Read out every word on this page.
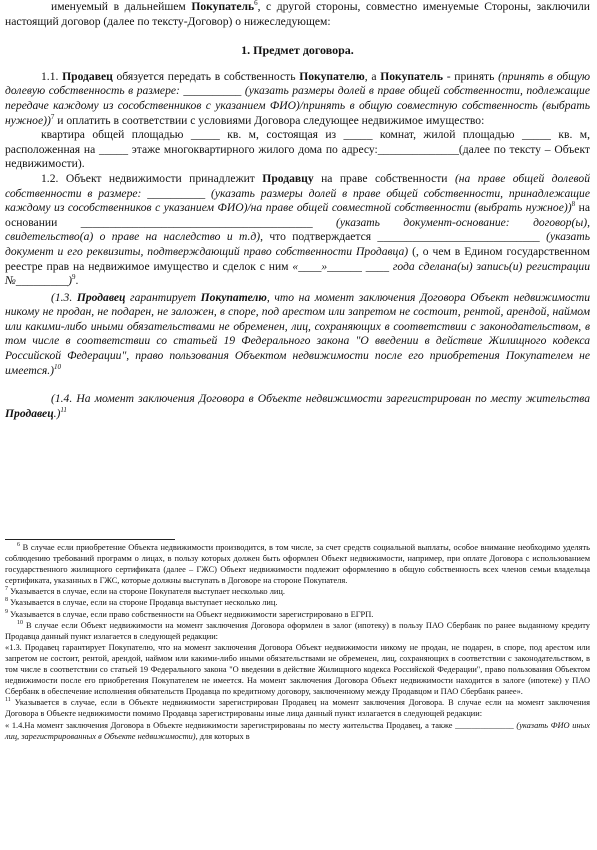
именуемый в дальнейшем Покупатель$^6$, с другой стороны, совместно именуемые Стороны, заключили настоящий договор (далее по тексту-Договор) о нижеследующем:

1. Предмет договора.

1.1. Продавец обязуется передать в собственность Покупателю, а Покупатель - принять (принять в общую долевую собственность в размере: __________ (указать размеры долей в праве общей собственности, подлежащие передаче каждому из сособственников с указанием ФИО)/принять в общую совместную собственность (выбрать нужное))$^7$ и оплатить в соответствии с условиями Договора следующее недвижимое имущество:

квартира общей площадью _____ кв. м, состоящая из _____ комнат, жилой площадью _____ кв. м, расположенная на _____ этаже многоквартирного жилого дома по адресу:______________(далее по тексту – Объект недвижимости).

1.2. Объект недвижимости принадлежит Продавцу на праве собственности (на праве общей долевой собственности в размере: __________ (указать размеры долей в праве общей собственности, принадлежащие каждому из сособственников с указанием ФИО)/на праве общей совместной собственности (выбрать нужное))$^8$ на основании ________________________________________ (указать документ-основание: договор(ы), свидетельство(а) о праве на наследство и т.д), что подтверждается ____________________________ (указать документ и его реквизиты, подтверждающий право собственности Продавца) (, о чем в Едином государственном реестре прав на недвижимое имущество и сделок с ним «____»______ ____ года сделана(ы) запись(и) регистрации №_________)$^9$.

(1.3. Продавец гарантирует Покупателю, что на момент заключения Договора Объект недвижимости никому не продан, не подарен, не заложен, в споре, под арестом или запретом не состоит, рентой, арендой, наймом или какими-либо иными обязательствами не обременен, лиц, сохраняющих в соответствии с законодательством, в том числе в соответствии со статьей 19 Федерального закона "О введении в действие Жилищного кодекса Российской Федерации", право пользования Объектом недвижимости после его приобретения Покупателем не имеется.)$^{10}$

(1.4. На момент заключения Договора в Объекте недвижимости зарегистрирован по месту жительства Продавец.)$^{11}$

$^6$ В случае если приобретение Объекта недвижимости производится, в том числе, за счет средств социальной выплаты, особое внимание необходимо уделять соблюдению требований программ о лицах, в пользу которых должен быть оформлен Объект недвижимости, например, при оплате Договора с использованием государственного жилищного сертификата (далее – ГЖС) Объект недвижимости подлежит оформлению в общую собственность всех членов семьи владельца сертификата, указанных в ГЖС, которые должны выступать в Договоре на стороне Покупателя.

$^7$ Указывается в случае, если на стороне Покупателя выступает несколько лиц.

$^8$ Указывается в случае, если на стороне Продавца выступает несколько лиц.

$^9$ Указывается в случае, если право собственности на Объект недвижимости зарегистрировано в ЕГРП.

$^{10}$ В случае если Объект недвижимости на момент заключения Договора оформлен в залог (ипотеку) в пользу ПАО Сбербанк по ранее выданному кредиту Продавца данный пункт излагается в следующей редакции:

«1.3. Продавец гарантирует Покупателю, что на момент заключения Договора Объект недвижимости никому не продан, не подарен, в споре, под арестом или запретом не состоит, рентой, арендой, наймом или какими-либо иными обязательствами не обременен, лиц, сохраняющих в соответствии с законодательством, в том числе в соответствии со статьей 19 Федерального закона "О введении в действие Жилищного кодекса Российской Федерации", право пользования Объектом недвижимости после его приобретения Покупателем не имеется. На момент заключения Договора Объект недвижимости находится в залоге (ипотеке) у ПАО Сбербанк в обеспечение исполнения обязательств Продавца по кредитному договору, заключенному между Продавцом и ПАО Сбербанк ранее».

$^{11}$ Указывается в случае, если в Объекте недвижимости зарегистрирован Продавец на момент заключения Договора. В случае если на момент заключения Договора в Объекте недвижимости помимо Продавца зарегистрированы иные лица данный пункт излагается в следующей редакции:

« 1.4.На момент заключения Договора в Объекте недвижимости зарегистрированы по месту жительства Продавец, а также ______________ (указать ФИО иных лиц, зарегистрированных в Объекте недвижимости), для которых в
